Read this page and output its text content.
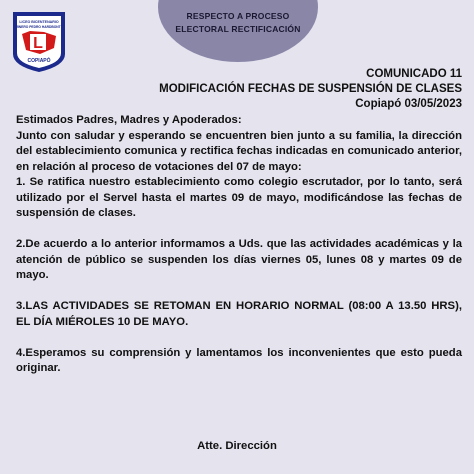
RESPECTO A PROCESO
ELECTORAL RECTIFICACIÓN
LICEO BICENTENARIO
MINERO PEDRO HARDBONTY
L
COPIAPÓ
COMUNICADO 11
MODIFICACIÓN FECHAS DE SUSPENSIÓN DE CLASES
Copiapó 03/05/2023

Estimados Padres, Madres y Apoderados:

Junto con saludar y esperando se encuentren bien junto a su familia, la dirección del establecimiento comunica y rectifica fechas indicadas en comunicado anterior, en relación al proceso de votaciones del 07 de mayo:

1. Se ratifica nuestro establecimiento como colegio escrutador, por lo tanto, será utilizado por el Servel hasta el martes 09 de mayo, modificándose las fechas de suspensión de clases.

2.De acuerdo a lo anterior informamos a Uds. que las actividades académicas y la atención de público se suspenden los días viernes 05, lunes 08 y martes 09 de mayo.

3.LAS ACTIVIDADES SE RETOMAN EN HORARIO NORMAL (08:00 A 13.50 HRS), EL DÍA MIÉROLES 10 DE MAYO.

4.Esperamos su comprensión y lamentamos los inconvenientes que esto pueda originar.

Atte. Dirección
